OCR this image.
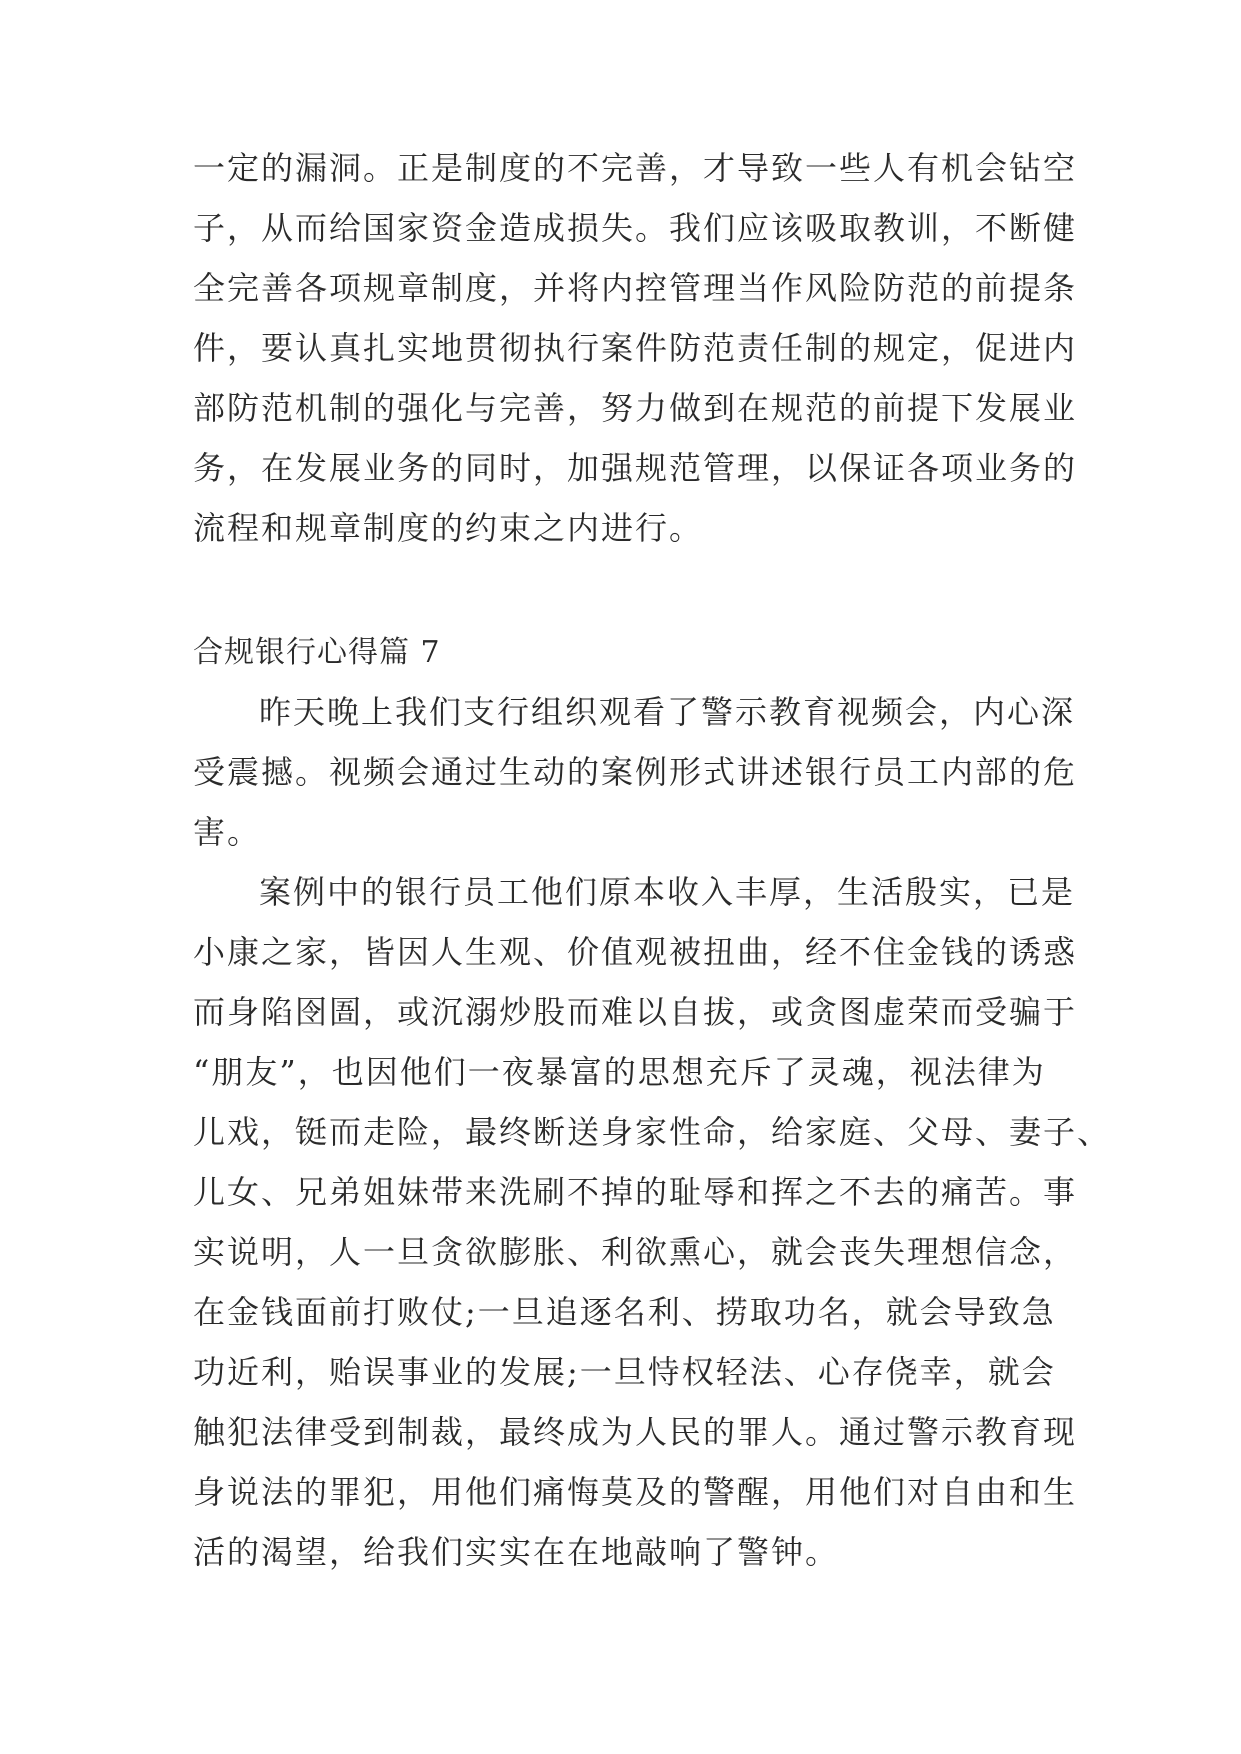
一定的漏洞。正是制度的不完善，才导致一些人有机会钻空
子，从而给国家资金造成损失。我们应该吸取教训，不断健
全完善各项规章制度，并将内控管理当作风险防范的前提条
件，要认真扎实地贯彻执行案件防范责任制的规定，促进内
部防范机制的强化与完善，努力做到在规范的前提下发展业
务，在发展业务的同时，加强规范管理，以保证各项业务的
流程和规章制度的约束之内进行。
合规银行心得篇 7
昨天晚上我们支行组织观看了警示教育视频会，内心深
受震撼。视频会通过生动的案例形式讲述银行员工内部的危
害。
案例中的银行员工他们原本收入丰厚，生活殷实，已是
小康之家，皆因人生观、价值观被扭曲，经不住金钱的诱惑
而身陷囹圄，或沉溺炒股而难以自拔，或贪图虚荣而受骗于
“朋友”，也因他们一夜暴富的思想充斥了灵魂，视法律为
儿戏，铤而走险，最终断送身家性命，给家庭、父母、妻子、
儿女、兄弟姐妹带来洗刷不掉的耻辱和挥之不去的痛苦。事
实说明，人一旦贪欲膨胀、利欲熏心，就会丧失理想信念，
在金钱面前打败仗;一旦追逐名利、捞取功名，就会导致急
功近利，贻误事业的发展;一旦恃权轻法、心存侥幸，就会
触犯法律受到制裁，最终成为人民的罪人。通过警示教育现
身说法的罪犯，用他们痛悔莫及的警醒，用他们对自由和生
活的渴望，给我们实实在在地敲响了警钟。
